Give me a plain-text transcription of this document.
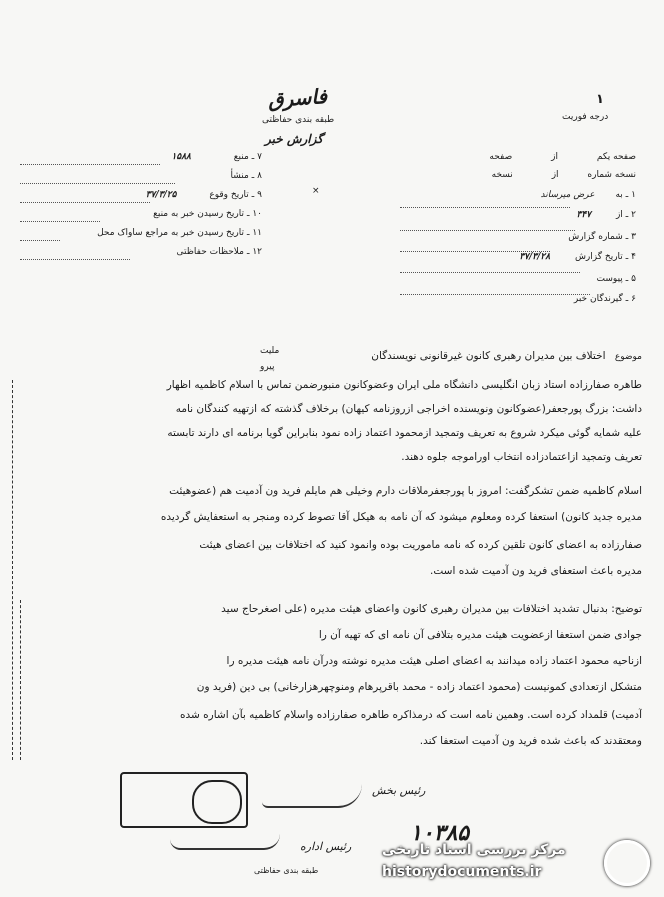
فاسرق
طبقه بندی حفاظتی
گزارش خبر
درجه فوریت
۱
۷ ـ منبع ۱۵۸۸
۸ ـ منشأ
۹ ـ تاریخ وقوع ۳۷/۳/۲۵
۱۰ ـ تاریخ رسیدن خبر به منبع
۱۱ ـ تاریخ رسیدن خبر به مراجع ساواک محل
۱۲ ـ ملاحظات حفاظتی
×
صفحه یکم از صفحه
نسخه شماره از نسخه
۱ ـ به عرض میرساند
۲ ـ از ۳۴۷
۳ ـ شماره گزارش
۴ ـ تاریخ گزارش ۳۷/۳/۲۸
۵ ـ پیوست
۶ ـ گیرندگان خبر
موضوع اختلاف بین مدیران رهبری کانون غیرقانونی نویسندگان
ملیت
پیرو
طاهره صفارزاده استاد زبان انگلیسی دانشگاه ملی ایران وعضوکانون منبورضمن تماس با اسلام کاظمیه اظهار
داشت: بزرگ پورجعفر(عضوکانون ونویسنده اخراجی ازروزنامه کیهان) برخلاف گذشته که ازتهیه کنندگان نامه
علیه شمایه گوئی میکرد شروع به تعریف وتمجید ازمحمود اعتماد زاده نمود بنابراین گویا برنامه ای دارند تابسته
تعریف وتمجید ازاعتمادزاده انتخاب اوراموجه جلوه دهند.
اسلام کاظمیه ضمن تشکرگفت: امروز با پورجعفرملاقات دارم وخیلی هم مایلم فرید ون آدمیت هم (عضوهیئت
مدیره جدید کانون) استعفا کرده ومعلوم میشود که آن نامه به هیکل آقا تصوط کرده ومنجر به استعفایش گردیده
صفارزاده به اعضای کانون تلقین کرده که نامه ماموریت بوده وانمود کنید که اختلافات بین اعضای هیئت
مدیره باعث استعفای فرید ون آدمیت شده است.
توضیح: بدنبال تشدید اختلافات بین مدیران رهبری کانون واعضای هیئت مدیره (علی اصغرحاج سید
جوادی ضمن استعفا ازعضویت هیئت مدیره بتلافی آن نامه ای که تهیه آن را
ازناحیه محمود اعتماد زاده میدانند به اعضای اصلی هیئت مدیره نوشته ودرآن نامه هیئت مدیره را
متشکل ازتعدادی کمونیست (محمود اعتماد زاده - محمد باقرپرهام ومنوچهرهزارخانی) بی دین (فرید ون
آدمیت) قلمداد کرده است. وهمین نامه است که درمذاکره طاهره صفارزاده واسلام کاظمیه بآن اشاره شده
ومعتقدند که باعث شده فرید ون آدمیت استعفا کند.
رئیس بخش
رئیس اداره
طبقه بندی حفاظتی
۱۰۳۸۵
مرکز بررسی اسناد تاریخی
historydocuments.ir
